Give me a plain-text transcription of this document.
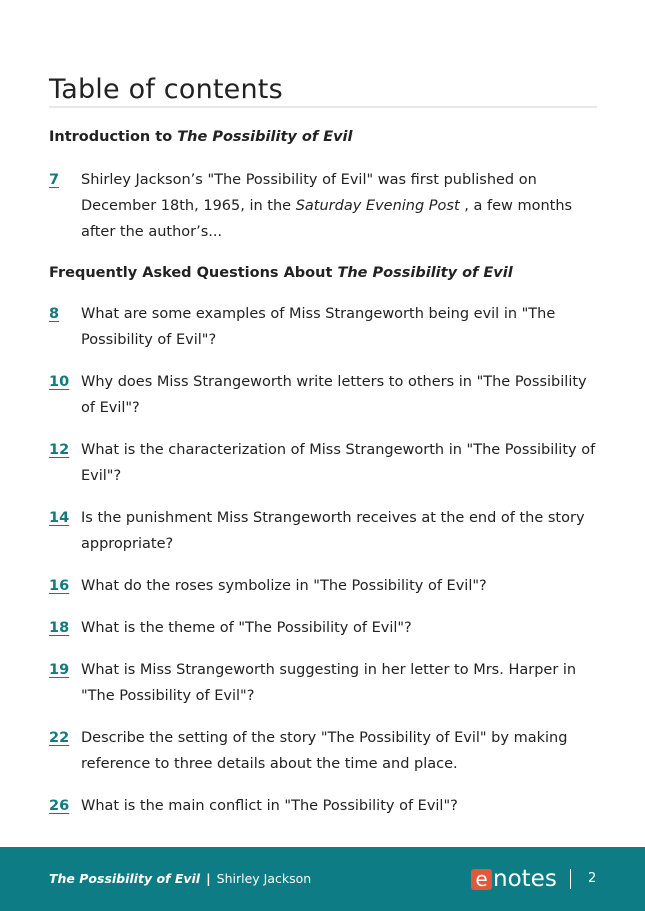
Table of contents
Introduction to The Possibility of Evil
7 Shirley Jackson’s "The Possibility of Evil" was first published on December 18th, 1965, in the Saturday Evening Post , a few months after the author’s...
Frequently Asked Questions About The Possibility of Evil
8 What are some examples of Miss Strangeworth being evil in "The Possibility of Evil"?
10 Why does Miss Strangeworth write letters to others in "The Possibility of Evil"?
12 What is the characterization of Miss Strangeworth in "The Possibility of Evil"?
14 Is the punishment Miss Strangeworth receives at the end of the story appropriate?
16 What do the roses symbolize in "The Possibility of Evil"?
18 What is the theme of "The Possibility of Evil"?
19 What is Miss Strangeworth suggesting in her letter to Mrs. Harper in "The Possibility of Evil"?
22 Describe the setting of the story "The Possibility of Evil" by making reference to three details about the time and place.
26 What is the main conflict in "The Possibility of Evil"?
The Possibility of Evil | Shirley Jackson	e notes 2
